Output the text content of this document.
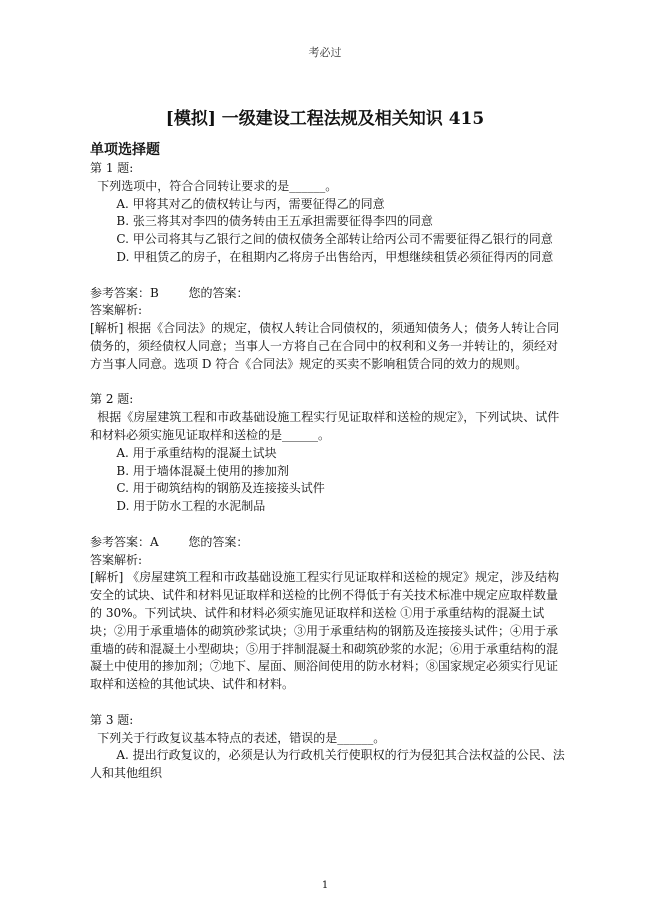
考必过
[模拟] 一级建设工程法规及相关知识 415

单项选择题

第 1 题:

下列选项中，符合合同转让要求的是______。

A. 甲将其对乙的债权转让与丙，需要征得乙的同意

B. 张三将其对李四的债务转由王五承担需要征得李四的同意

C. 甲公司将其与乙银行之间的债权债务全部转让给丙公司不需要征得乙银行的同意

D. 甲租赁乙的房子，在租期内乙将房子出售给丙，甲想继续租赁必须征得丙的同意

参考答案：B 您的答案：

答案解析:

[解析] 根据《合同法》的规定，债权人转让合同债权的，须通知债务人；债务人转让合同债务的，须经债权人同意；当事人一方将自己在合同中的权利和义务一并转让的，须经对方当事人同意。选项 D 符合《合同法》规定的买卖不影响租赁合同的效力的规则。

第 2 题:

根据《房屋建筑工程和市政基础设施工程实行见证取样和送检的规定》，下列试块、试件和材料必须实施见证取样和送检的是______。

A. 用于承重结构的混凝土试块

B. 用于墙体混凝土使用的掺加剂

C. 用于砌筑结构的钢筋及连接接头试件

D. 用于防水工程的水泥制品

参考答案：A 您的答案：

答案解析:

[解析] 《房屋建筑工程和市政基础设施工程实行见证取样和送检的规定》规定，涉及结构安全的试块、试件和材料见证取样和送检的比例不得低于有关技术标准中规定应取样数量的 30%。下列试块、试件和材料必须实施见证取样和送检 ①用于承重结构的混凝土试块；②用于承重墙体的砌筑砂浆试块；③用于承重结构的钢筋及连接接头试件；④用于承重墙的砖和混凝土小型砌块；⑤用于拌制混凝土和砌筑砂浆的水泥；⑥用于承重结构的混凝土中使用的掺加剂；⑦地下、屋面、厕浴间使用的防水材料；⑧国家规定必须实行见证取样和送检的其他试块、试件和材料。

第 3 题:

下列关于行政复议基本特点的表述，错误的是______。

A. 提出行政复议的，必须是认为行政机关行使职权的行为侵犯其合法权益的公民、法人和其他组织

1
